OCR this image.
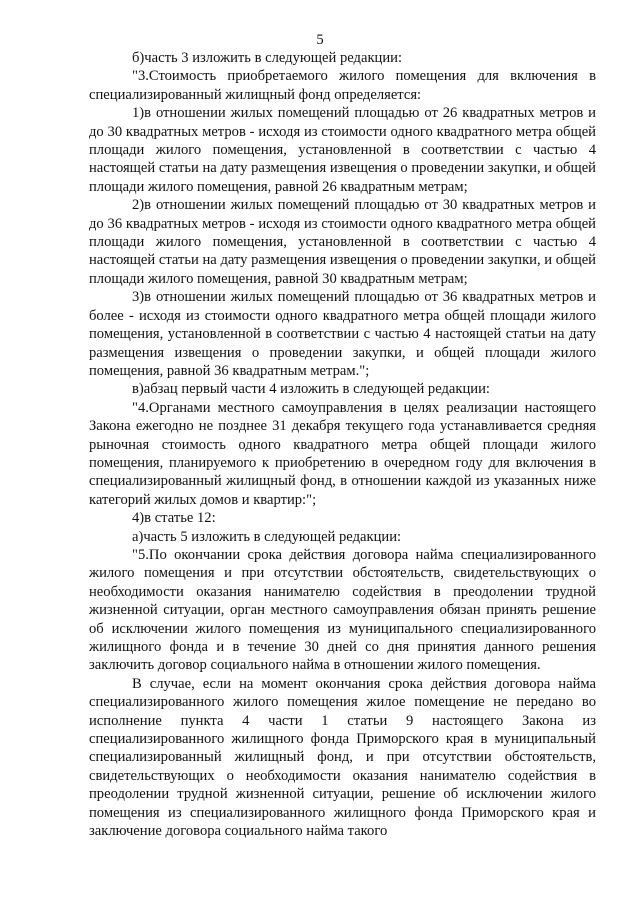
5

б)часть 3 изложить в следующей редакции:

"3.Стоимость приобретаемого жилого помещения для включения в специализированный жилищный фонд определяется:

1)в отношении жилых помещений площадью от 26 квадратных метров и до 30 квадратных метров - исходя из стоимости одного квадратного метра общей площади жилого помещения, установленной в соответствии с частью 4 настоящей статьи на дату размещения извещения о проведении закупки, и общей площади жилого помещения, равной 26 квадратным метрам;

2)в отношении жилых помещений площадью от 30 квадратных метров и до 36 квадратных метров - исходя из стоимости одного квадратного метра общей площади жилого помещения, установленной в соответствии с частью 4 настоящей статьи на дату размещения извещения о проведении закупки, и общей площади жилого помещения, равной 30 квадратным метрам;

3)в отношении жилых помещений площадью от 36 квадратных метров и более - исходя из стоимости одного квадратного метра общей площади жилого помещения, установленной в соответствии с частью 4 настоящей статьи на дату размещения извещения о проведении закупки, и общей площади жилого помещения, равной 36 квадратным метрам.";

в)абзац первый части 4 изложить в следующей редакции:

"4.Органами местного самоуправления в целях реализации настоящего Закона ежегодно не позднее 31 декабря текущего года устанавливается средняя рыночная стоимость одного квадратного метра общей площади жилого помещения, планируемого к приобретению в очередном году для включения в специализированный жилищный фонд, в отношении каждой из указанных ниже категорий жилых домов и квартир:";

4)в статье 12:

а)часть 5 изложить в следующей редакции:

"5.По окончании срока действия договора найма специализированного жилого помещения и при отсутствии обстоятельств, свидетельствующих о необходимости оказания нанимателю содействия в преодолении трудной жизненной ситуации, орган местного самоуправления обязан принять решение об исключении жилого помещения из муниципального специализированного жилищного фонда и в течение 30 дней со дня принятия данного решения заключить договор социального найма в отношении жилого помещения.

В случае, если на момент окончания срока действия договора найма специализированного жилого помещения жилое помещение не передано во исполнение пункта 4 части 1 статьи 9 настоящего Закона из специализированного жилищного фонда Приморского края в муниципальный специализированный жилищный фонд, и при отсутствии обстоятельств, свидетельствующих о необходимости оказания нанимателю содействия в преодолении трудной жизненной ситуации, решение об исключении жилого помещения из специализированного жилищного фонда Приморского края и заключение договора социального найма такого
